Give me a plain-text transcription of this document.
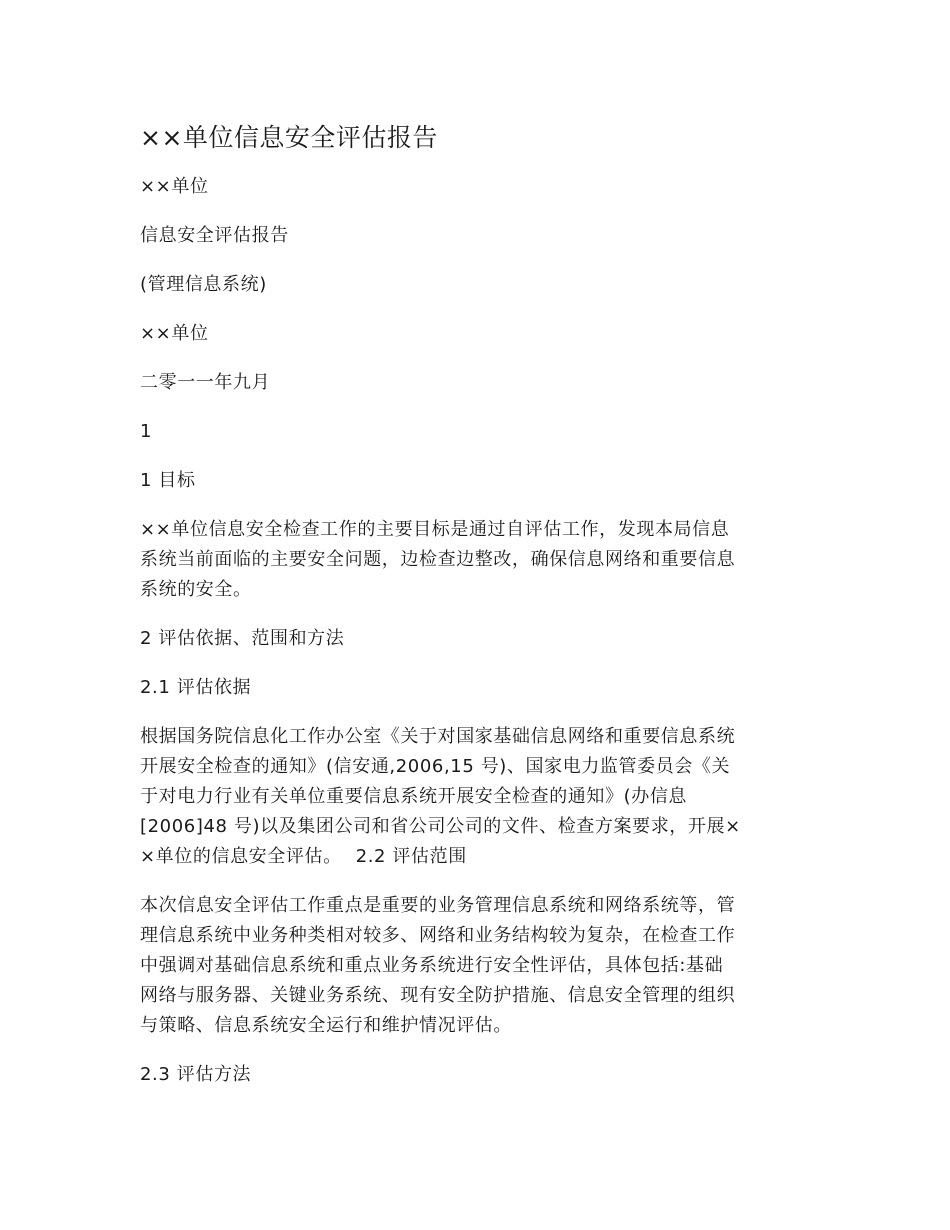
××单位信息安全评估报告
××单位
信息安全评估报告
(管理信息系统)
××单位
二零一一年九月
1
1 目标
××单位信息安全检查工作的主要目标是通过自评估工作，发现本局信息
系统当前面临的主要安全问题，边检查边整改，确保信息网络和重要信息
系统的安全。
2 评估依据、范围和方法
2.1 评估依据
根据国务院信息化工作办公室《关于对国家基础信息网络和重要信息系统
开展安全检查的通知》(信安通,2006,15 号)、国家电力监管委员会《关
于对电力行业有关单位重要信息系统开展安全检查的通知》(办信息
[2006]48 号)以及集团公司和省公司公司的文件、检查方案要求，开展×
×单位的信息安全评估。 2.2 评估范围
本次信息安全评估工作重点是重要的业务管理信息系统和网络系统等，管
理信息系统中业务种类相对较多、网络和业务结构较为复杂，在检查工作
中强调对基础信息系统和重点业务系统进行安全性评估，具体包括:基础
网络与服务器、关键业务系统、现有安全防护措施、信息安全管理的组织
与策略、信息系统安全运行和维护情况评估。
2.3 评估方法
